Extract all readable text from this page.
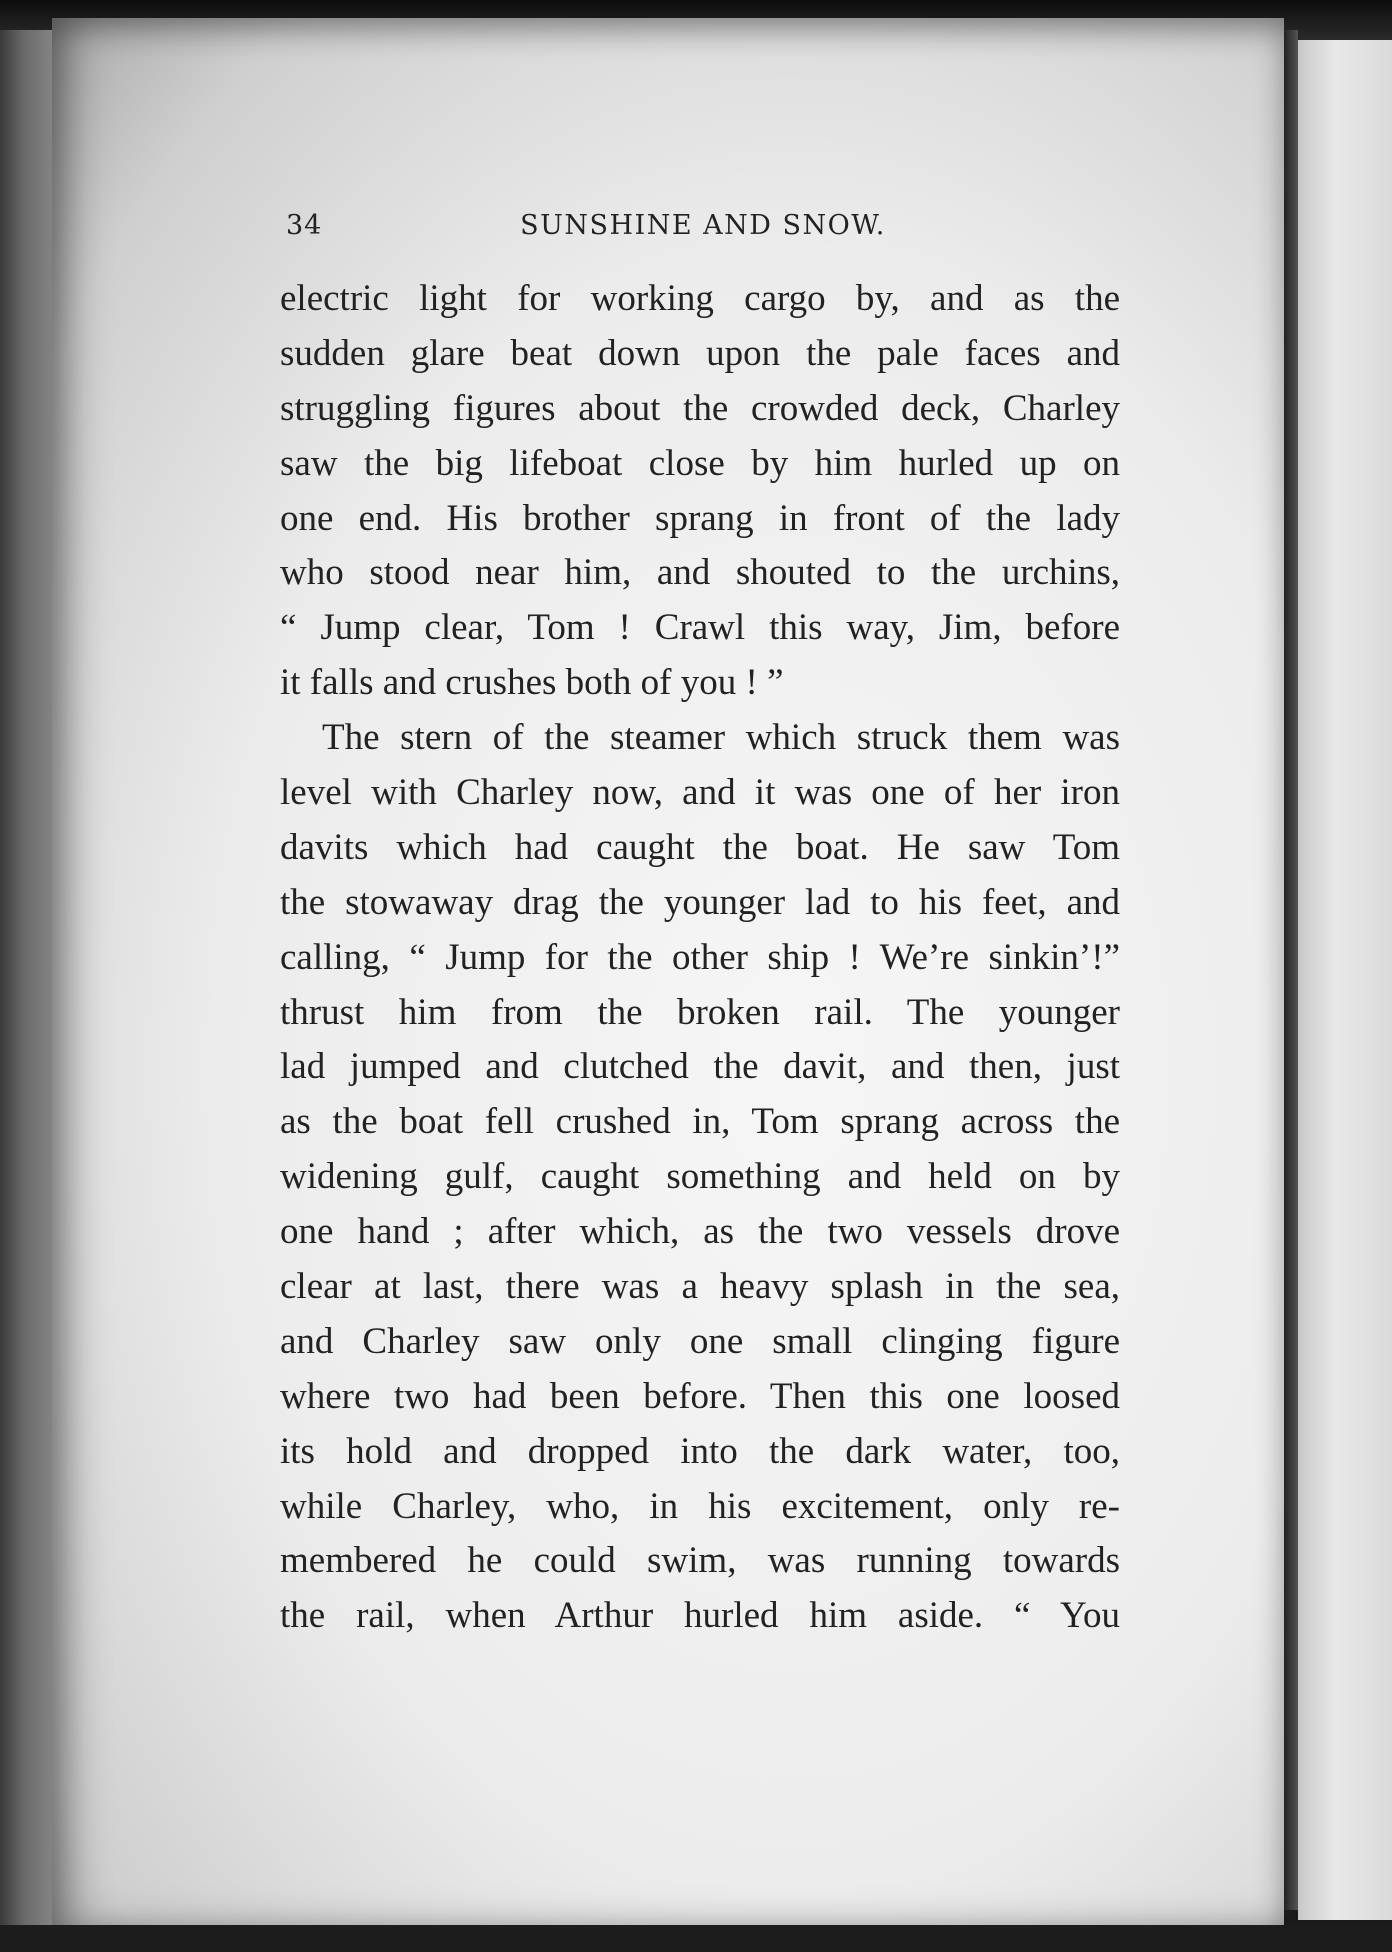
34	SUNSHINE AND SNOW.
electric light for working cargo by, and as the
sudden glare beat down upon the pale faces and
struggling figures about the crowded deck, Charley
saw the big lifeboat close by him hurled up on
one end. His brother sprang in front of the lady
who stood near him, and shouted to the urchins,
“ Jump clear, Tom ! Crawl this way, Jim, before
it falls and crushes both of you ! ”
The stern of the steamer which struck them was
level with Charley now, and it was one of her iron
davits which had caught the boat. He saw Tom
the stowaway drag the younger lad to his feet, and
calling, “ Jump for the other ship ! We’re sinkin’!”
thrust him from the broken rail. The younger
lad jumped and clutched the davit, and then, just
as the boat fell crushed in, Tom sprang across the
widening gulf, caught something and held on by
one hand ; after which, as the two vessels drove
clear at last, there was a heavy splash in the sea,
and Charley saw only one small clinging figure
where two had been before. Then this one loosed
its hold and dropped into the dark water, too,
while Charley, who, in his excitement, only re-
membered he could swim, was running towards
the rail, when Arthur hurled him aside. “ You
